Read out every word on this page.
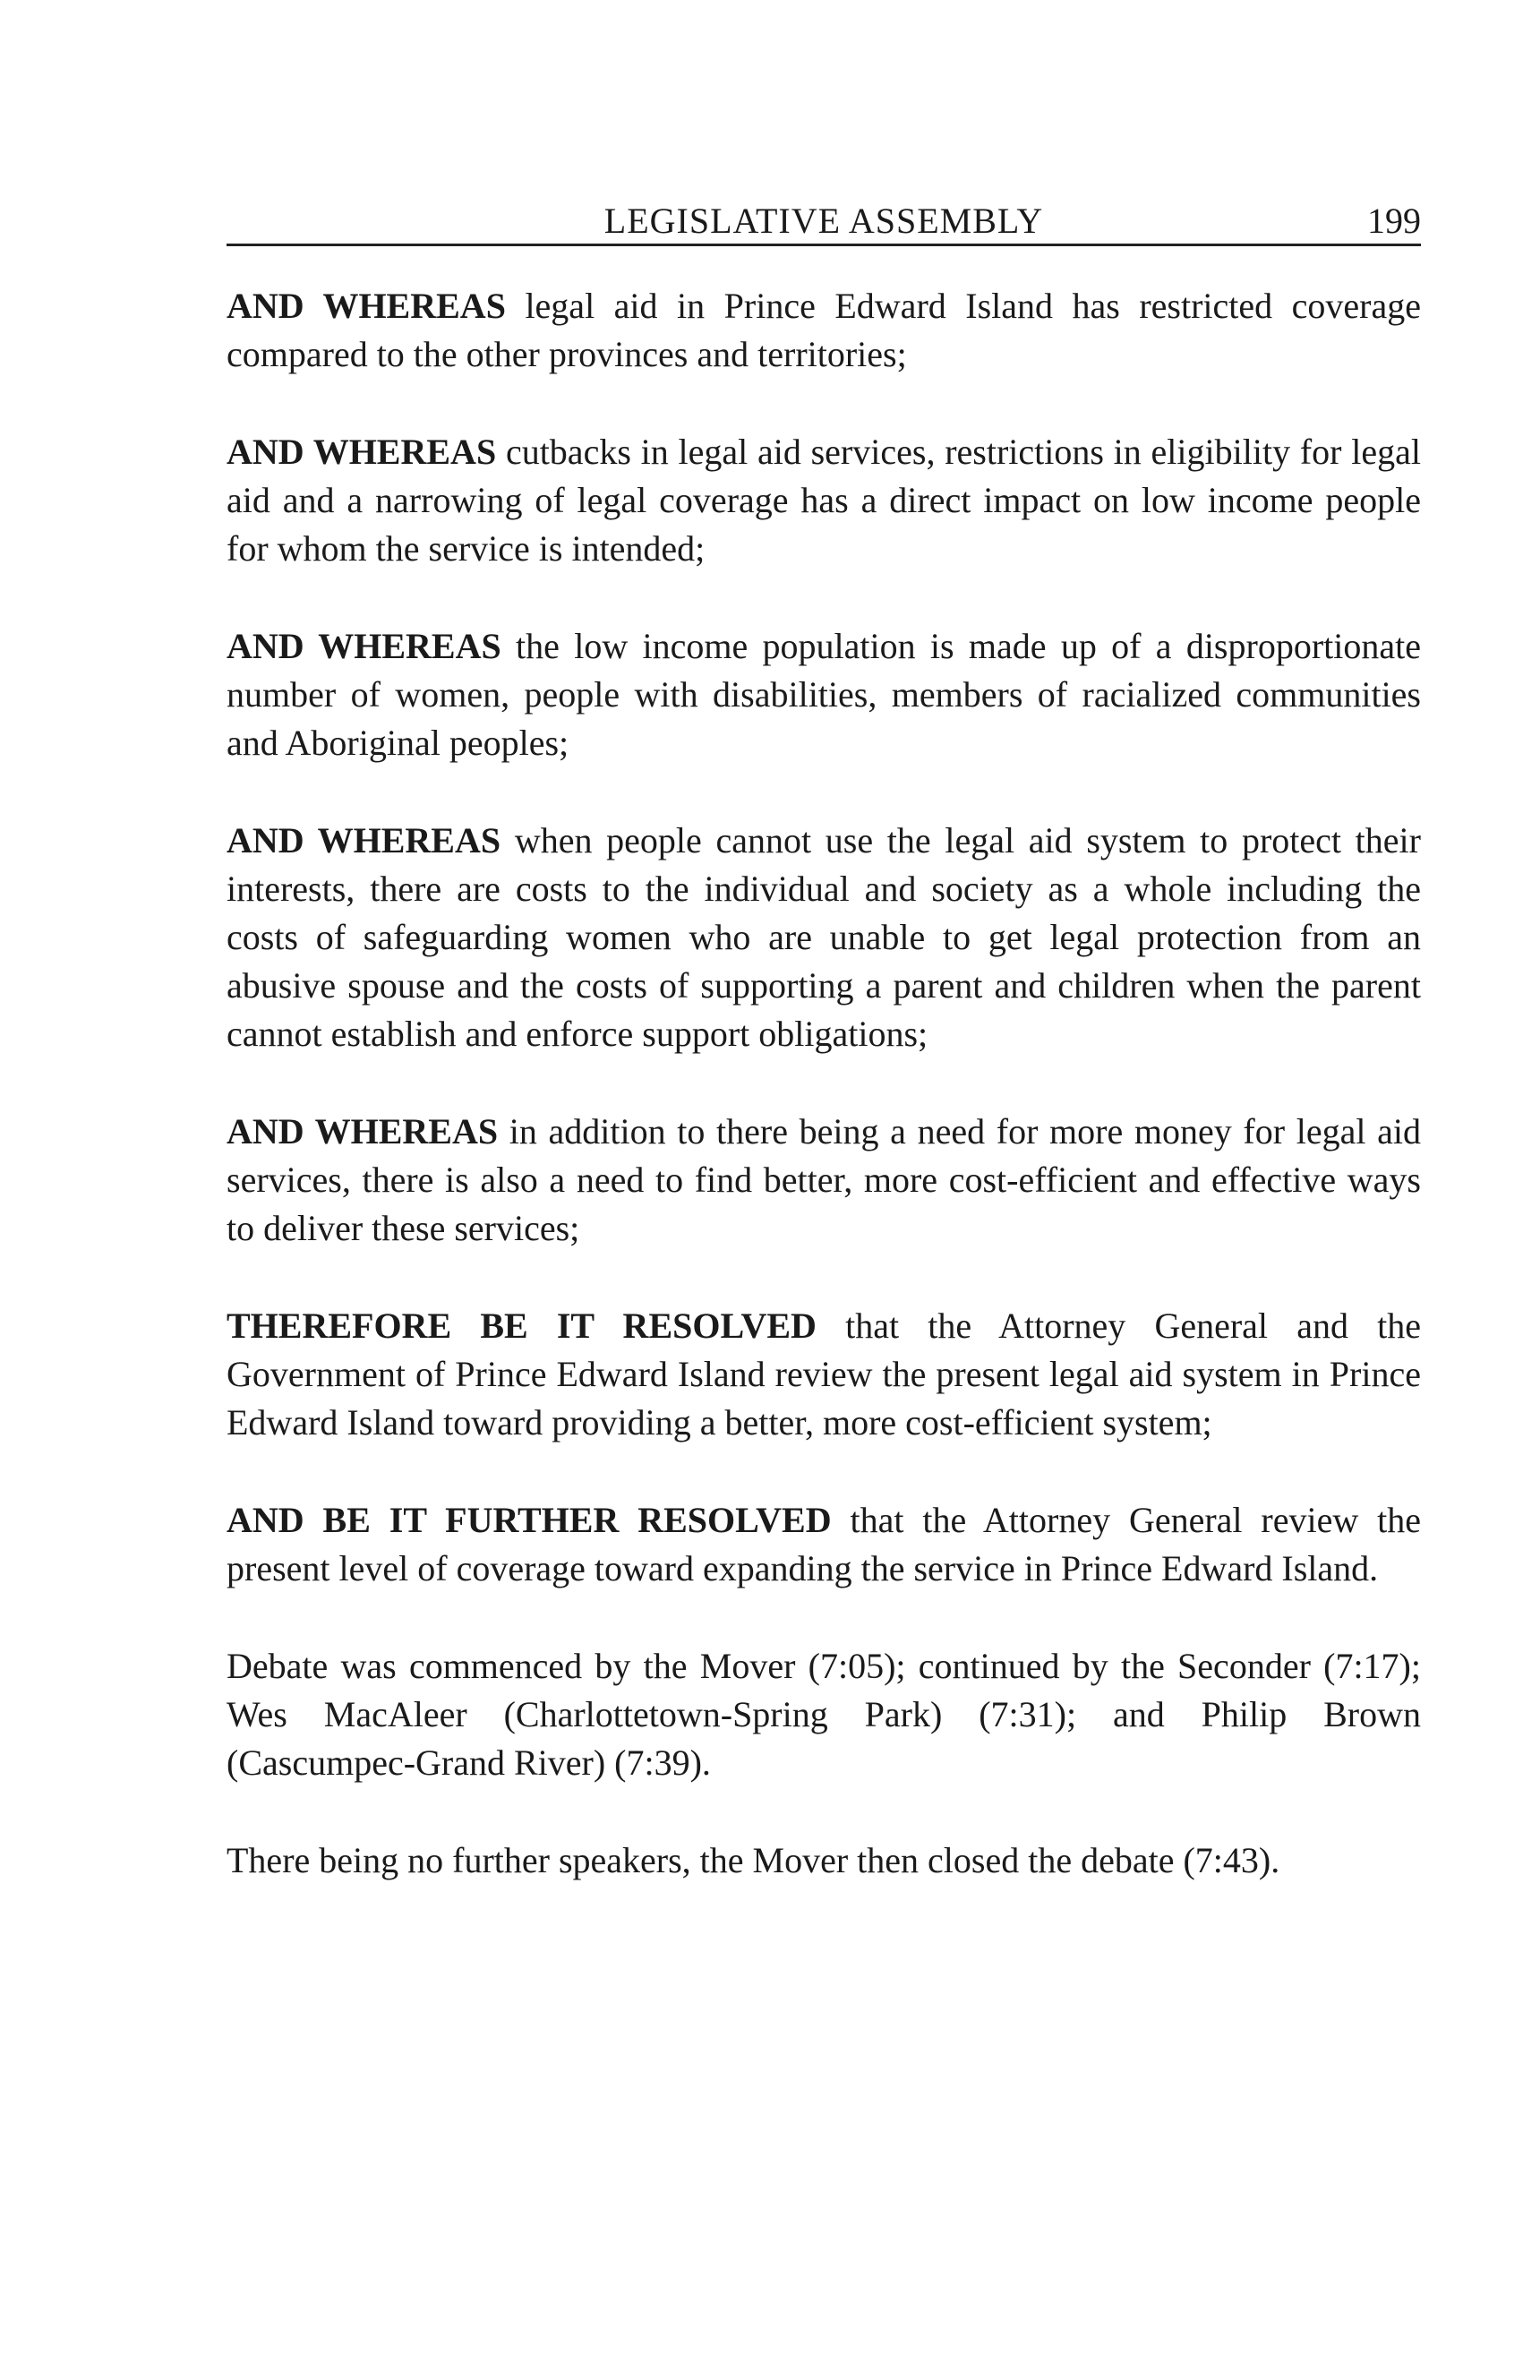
LEGISLATIVE ASSEMBLY	199

AND WHEREAS legal aid in Prince Edward Island has restricted coverage compared to the other provinces and territories;

AND WHEREAS cutbacks in legal aid services, restrictions in eligibility for legal aid and a narrowing of legal coverage has a direct impact on low income people for whom the service is intended;

AND WHEREAS the low income population is made up of a disproportionate number of women, people with disabilities, members of racialized communities and Aboriginal peoples;

AND WHEREAS when people cannot use the legal aid system to protect their interests, there are costs to the individual and society as a whole including the costs of safeguarding women who are unable to get legal protection from an abusive spouse and the costs of supporting a parent and children when the parent cannot establish and enforce support obligations;

AND WHEREAS in addition to there being a need for more money for legal aid services, there is also a need to find better, more cost-efficient and effective ways to deliver these services;

THEREFORE BE IT RESOLVED that the Attorney General and the Government of Prince Edward Island review the present legal aid system in Prince Edward Island toward providing a better, more cost-efficient system;

AND BE IT FURTHER RESOLVED that the Attorney General review the present level of coverage toward expanding the service in Prince Edward Island.

Debate was commenced by the Mover (7:05); continued by the Seconder (7:17); Wes MacAleer (Charlottetown-Spring Park) (7:31); and Philip Brown (Cascumpec-Grand River) (7:39).

There being no further speakers, the Mover then closed the debate (7:43).
